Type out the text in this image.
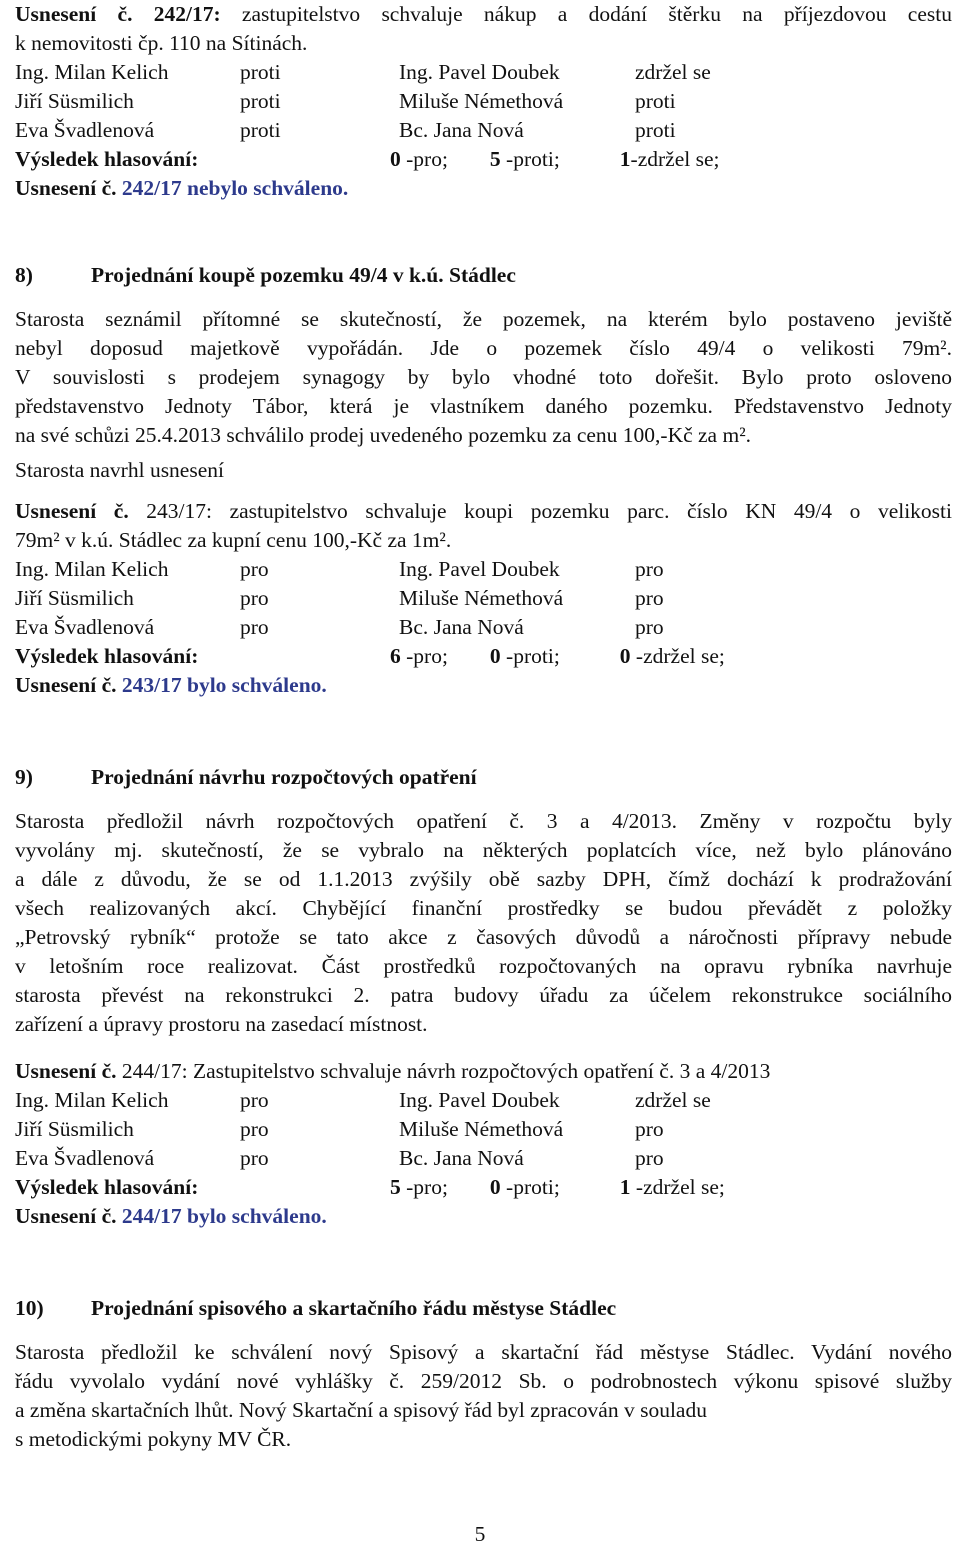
Usnesení č. 242/17: zastupitelstvo schvaluje nákup a dodání štěrku na příjezdovou cestu
k nemovitosti čp. 110 na Sítinách.
Ing. Milan Kelich	proti	Ing. Pavel Doubek	zdržel se
Jiří Süsmilich	proti	Miluše Némethová	proti
Eva Švadlenová	proti	Bc. Jana Nová	proti
Výsledek hlasování:	0 -pro; 5 -proti;	1-zdržel se;
Usnesení č. 242/17 nebylo schváleno.
8)	Projednání koupě pozemku 49/4 v k.ú. Stádlec
Starosta seznámil přítomné se skutečností, že pozemek, na kterém bylo postaveno jeviště
nebyl doposud majetkově vypořádán. Jde o pozemek číslo 49/4 o velikosti 79m².
V souvislosti s prodejem synagogy by bylo vhodné toto dořešit. Bylo proto osloveno
představenstvo Jednoty Tábor, která je vlastníkem daného pozemku. Představenstvo Jednoty
na své schůzi 25.4.2013 schválilo prodej uvedeného pozemku za cenu 100,-Kč za m².
Starosta navrhl usnesení
Usnesení č. 243/17: zastupitelstvo schvaluje koupi pozemku parc. číslo KN 49/4 o velikosti
79m² v k.ú. Stádlec za kupní cenu 100,-Kč za 1m².
Ing. Milan Kelich	pro	Ing. Pavel Doubek	pro
Jiří Süsmilich	pro	Miluše Némethová	pro
Eva Švadlenová	pro	Bc. Jana Nová	pro
Výsledek hlasování:	6 -pro; 0 -proti;	0 -zdržel se;
Usnesení č. 243/17 bylo schváleno.
9)	Projednání návrhu rozpočtových opatření
Starosta předložil návrh rozpočtových opatření č. 3 a 4/2013. Změny v rozpočtu byly
vyvolány mj. skutečností, že se vybralo na některých poplatcích více, než bylo plánováno
a dále z důvodu, že se od 1.1.2013 zvýšily obě sazby DPH, čímž dochází k prodražování
všech realizovaných akcí. Chybějící finanční prostředky se budou převádět z položky
„Petrovský rybník“ protože se tato akce z časových důvodů a náročnosti přípravy nebude
v letošním roce realizovat. Část prostředků rozpočtovaných na opravu rybníka navrhuje
starosta převést na rekonstrukci 2. patra budovy úřadu za účelem rekonstrukce sociálního
zařízení a úpravy prostoru na zasedací místnost.
Usnesení č. 244/17: Zastupitelstvo schvaluje návrh rozpočtových opatření č. 3 a 4/2013
Ing. Milan Kelich	pro	Ing. Pavel Doubek	zdržel se
Jiří Süsmilich	pro	Miluše Némethová	pro
Eva Švadlenová	pro	Bc. Jana Nová	pro
Výsledek hlasování:	5 -pro; 0 -proti;	1 -zdržel se;
Usnesení č. 244/17 bylo schváleno.
10) Projednání spisového a skartačního řádu městyse Stádlec
Starosta předložil ke schválení nový Spisový a skartační řád městyse Stádlec. Vydání nového
řádu vyvolalo vydání nové vyhlášky č. 259/2012 Sb. o podrobnostech výkonu spisové služby
a změna skartačních lhůt. Nový Skartační a spisový řád byl zpracován v souladu
s metodickými pokyny MV ČR.
5
